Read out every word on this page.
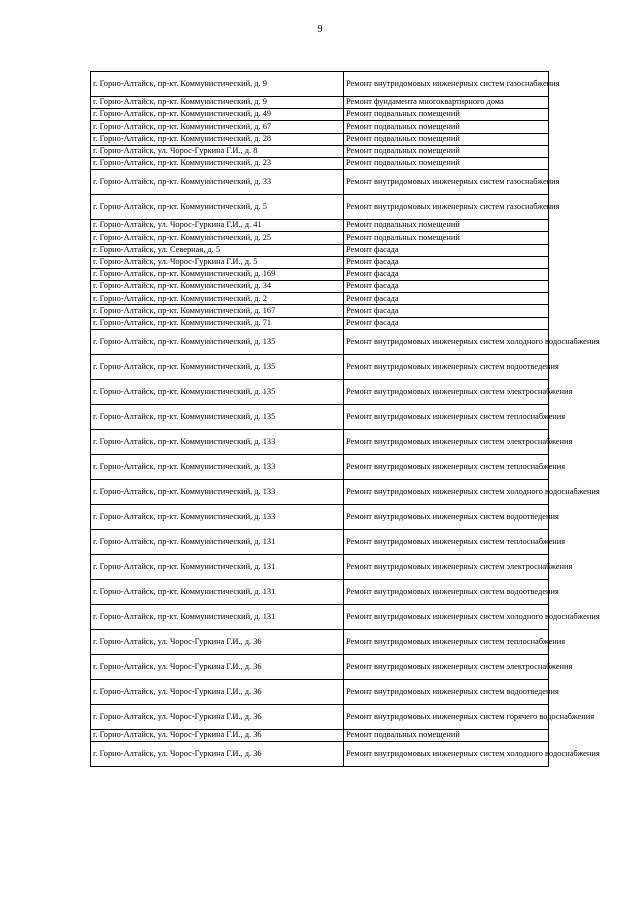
9
г. Горно-Алтайск, пр-кт. Коммунистический, д. 9	Ремонт внутридомовых инженерных систем газоснабжения
г. Горно-Алтайск, пр-кт. Коммунистический, д. 9	Ремонт фундамента многоквартирного дома
г. Горно-Алтайск, пр-кт. Коммунистический, д. 49	Ремонт подвальных помещений
г. Горно-Алтайск, пр-кт. Коммунистический, д. 67	Ремонт подвальных помещений
г. Горно-Алтайск, пр-кт. Коммунистический, д. 28	Ремонт подвальных помещений
г. Горно-Алтайск, ул. Чорос-Гуркина Г.И., д. 8	Ремонт подвальных помещений
г. Горно-Алтайск, пр-кт. Коммунистический, д. 23	Ремонт подвальных помещений
г. Горно-Алтайск, пр-кт. Коммунистический, д. 33	Ремонт внутридомовых инженерных систем газоснабжения
г. Горно-Алтайск, пр-кт. Коммунистический, д. 5	Ремонт внутридомовых инженерных систем газоснабжения
г. Горно-Алтайск, ул. Чорос-Гуркина Г.И., д. 41	Ремонт подвальных помещений
г. Горно-Алтайск, пр-кт. Коммунистический, д. 25	Ремонт подвальных помещений
г. Горно-Алтайск, ул. Северная, д. 5	Ремонт фасада
г. Горно-Алтайск, ул. Чорос-Гуркина Г.И., д. 5	Ремонт фасада
г. Горно-Алтайск, пр-кт. Коммунистический, д. 169	Ремонт фасада
г. Горно-Алтайск, пр-кт. Коммунистический, д. 34	Ремонт фасада
г. Горно-Алтайск, пр-кт. Коммунистический, д. 2	Ремонт фасада
г. Горно-Алтайск, пр-кт. Коммунистический, д. 167	Ремонт фасада
г. Горно-Алтайск, пр-кт. Коммунистический, д. 71	Ремонт фасада
г. Горно-Алтайск, пр-кт. Коммунистический, д. 135	Ремонт внутридомовых инженерных систем холодного водоснабжения
г. Горно-Алтайск, пр-кт. Коммунистический, д. 135	Ремонт внутридомовых инженерных систем водоотведения
г. Горно-Алтайск, пр-кт. Коммунистический, д. 135	Ремонт внутридомовых инженерных систем электроснабжения
г. Горно-Алтайск, пр-кт. Коммунистический, д. 135	Ремонт внутридомовых инженерных систем теплоснабжения
г. Горно-Алтайск, пр-кт. Коммунистический, д. 133	Ремонт внутридомовых инженерных систем электроснабжения
г. Горно-Алтайск, пр-кт. Коммунистический, д. 133	Ремонт внутридомовых инженерных систем теплоснабжения
г. Горно-Алтайск, пр-кт. Коммунистический, д. 133	Ремонт внутридомовых инженерных систем холодного водоснабжения
г. Горно-Алтайск, пр-кт. Коммунистический, д. 133	Ремонт внутридомовых инженерных систем водоотведения
г. Горно-Алтайск, пр-кт. Коммунистический, д. 131	Ремонт внутридомовых инженерных систем теплоснабжения
г. Горно-Алтайск, пр-кт. Коммунистический, д. 131	Ремонт внутридомовых инженерных систем электроснабжения
г. Горно-Алтайск, пр-кт. Коммунистический, д. 131	Ремонт внутридомовых инженерных систем водоотведения
г. Горно-Алтайск, пр-кт. Коммунистический, д. 131	Ремонт внутридомовых инженерных систем холодного водоснабжения
г. Горно-Алтайск, ул. Чорос-Гуркина Г.И., д. 36	Ремонт внутридомовых инженерных систем теплоснабжения
г. Горно-Алтайск, ул. Чорос-Гуркина Г.И., д. 36	Ремонт внутридомовых инженерных систем электроснабжения
г. Горно-Алтайск, ул. Чорос-Гуркина Г.И., д. 36	Ремонт внутридомовых инженерных систем водоотведения
г. Горно-Алтайск, ул. Чорос-Гуркина Г.И., д. 36	Ремонт внутридомовых инженерных систем горячего водоснабжения
г. Горно-Алтайск, ул. Чорос-Гуркина Г.И., д. 36	Ремонт подвальных помещений
г. Горно-Алтайск, ул. Чорос-Гуркина Г.И., д. 36	Ремонт внутридомовых инженерных систем холодного водоснабжения
